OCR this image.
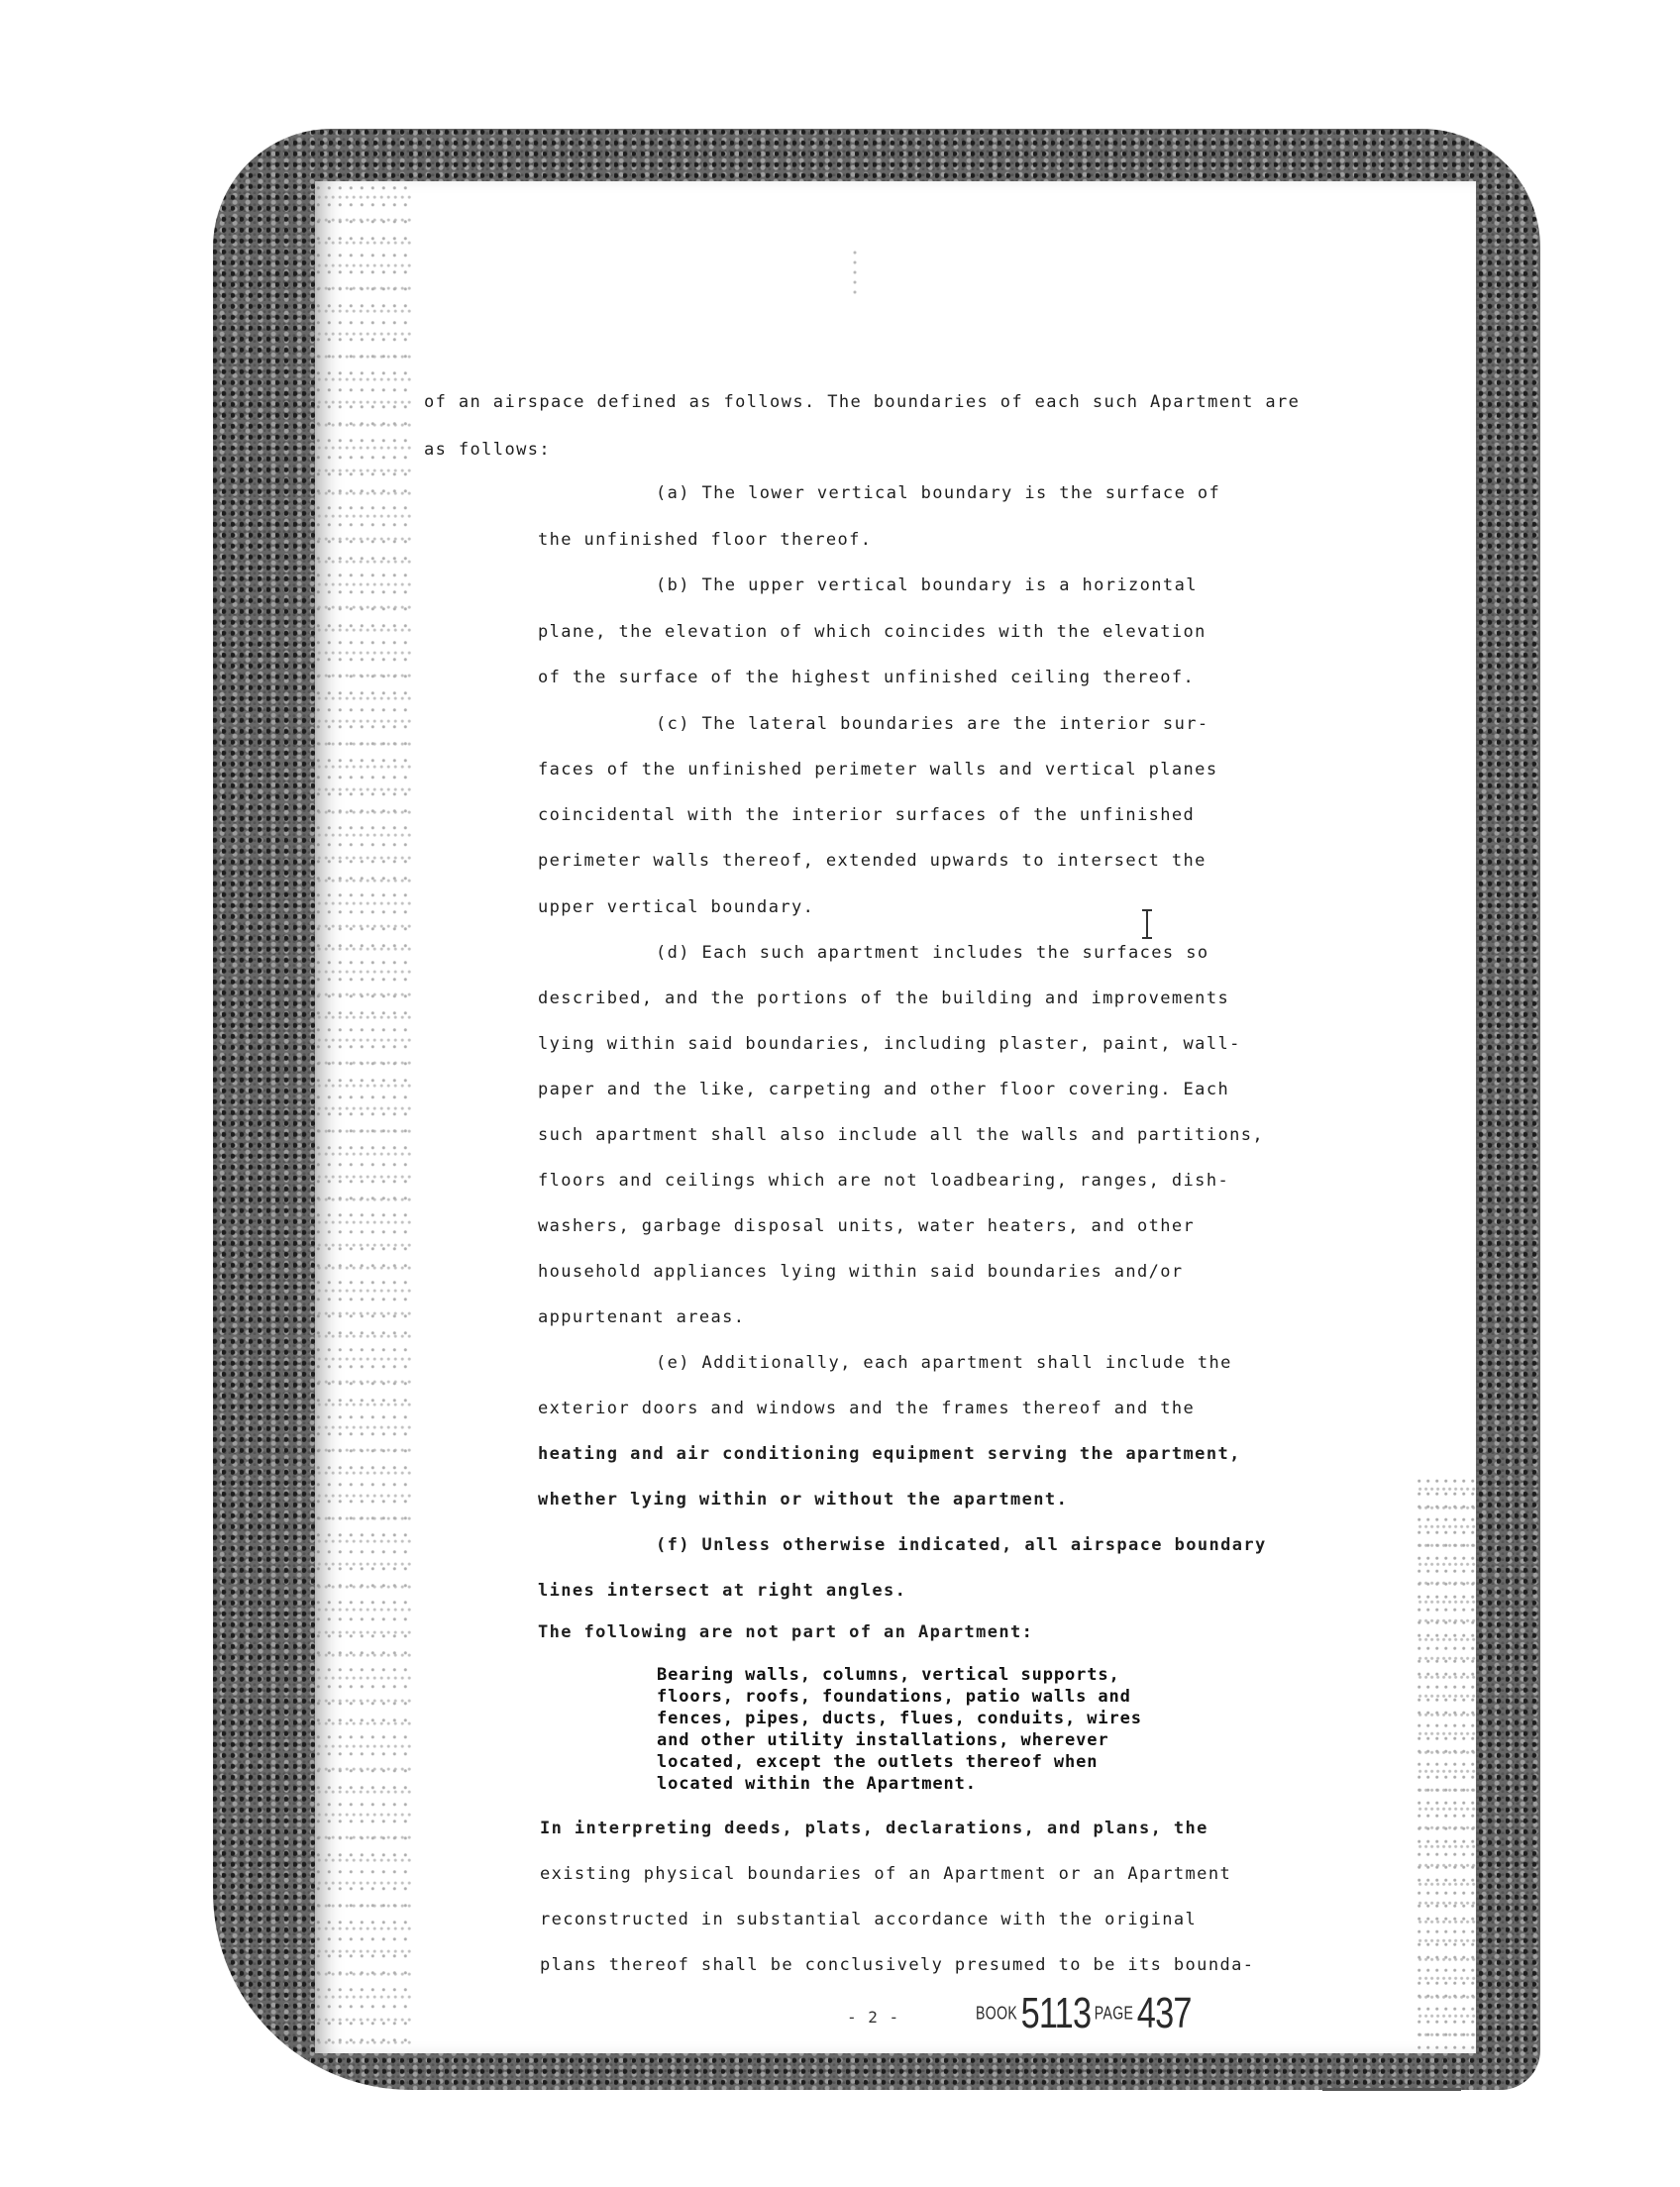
of an airspace defined as follows. The boundaries of each such Apartment are
as follows:
(a) The lower vertical boundary is the surface of
the unfinished floor thereof.
(b) The upper vertical boundary is a horizontal
plane, the elevation of which coincides with the elevation
of the surface of the highest unfinished ceiling thereof.
(c) The lateral boundaries are the interior sur-
faces of the unfinished perimeter walls and vertical planes
coincidental with the interior surfaces of the unfinished
perimeter walls thereof, extended upwards to intersect the
upper vertical boundary.
(d) Each such apartment includes the surfaces so
described, and the portions of the building and improvements
lying within said boundaries, including plaster, paint, wall-
paper and the like, carpeting and other floor covering. Each
such apartment shall also include all the walls and partitions,
floors and ceilings which are not loadbearing, ranges, dish-
washers, garbage disposal units, water heaters, and other
household appliances lying within said boundaries and/or
appurtenant areas.
(e) Additionally, each apartment shall include the
exterior doors and windows and the frames thereof and the
heating and air conditioning equipment serving the apartment,
whether lying within or without the apartment.
(f) Unless otherwise indicated, all airspace boundary
lines intersect at right angles.
The following are not part of an Apartment:
Bearing walls, columns, vertical supports,
floors, roofs, foundations, patio walls and
fences, pipes, ducts, flues, conduits, wires
and other utility installations, wherever
located, except the outlets thereof when
located within the Apartment.
In interpreting deeds, plats, declarations, and plans, the
existing physical boundaries of an Apartment or an Apartment
reconstructed in substantial accordance with the original
plans thereof shall be conclusively presumed to be its bounda-
- 2 -	BOOK 5113 PAGE 437
